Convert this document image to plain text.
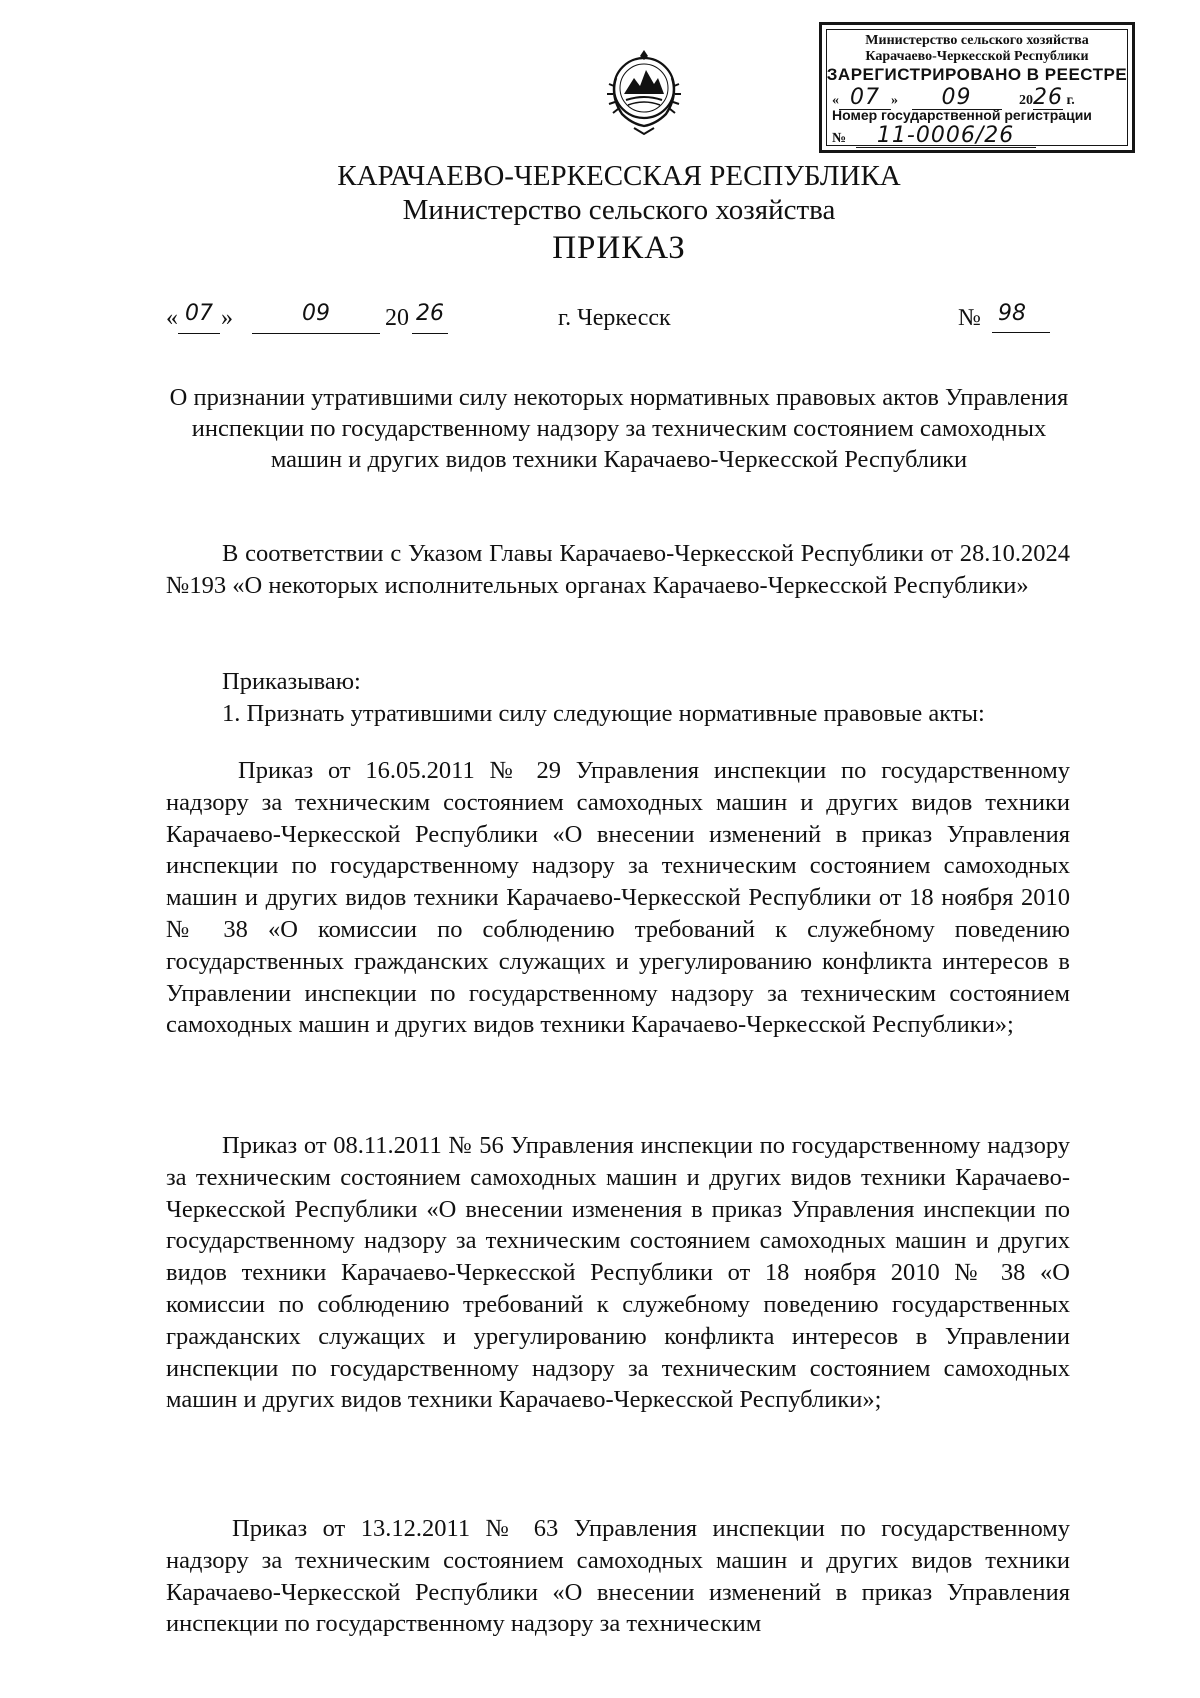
Министерство сельского хозяйства
Карачаево-Черкесской Республики
ЗАРЕГИСТРИРОВАНО В РЕЕСТРЕ
« 07 » 09	2026 г.
Номер государственной регистрации
№ 11-0006/26
КАРАЧАЕВО-ЧЕРКЕССКАЯ РЕСПУБЛИКА
Министерство сельского хозяйства
ПРИКАЗ
« 07 »	09	20 26	г. Черкесск	№ 98
О признании утратившими силу некоторых нормативных правовых актов Управления инспекции по государственному надзору за техническим состоянием самоходных машин и других видов техники Карачаево-Черкесской Республики
В соответствии с Указом Главы Карачаево-Черкесской Республики от 28.10.2024 №193 «О некоторых исполнительных органах Карачаево-Черкесской Республики»
Приказываю:
1. Признать утратившими силу следующие нормативные правовые акты:
Приказ от 16.05.2011 № 29 Управления инспекции по государственному надзору за техническим состоянием самоходных машин и других видов техники Карачаево-Черкесской Республики «О внесении изменений в приказ Управления инспекции по государственному надзору за техническим состоянием самоходных машин и других видов техники Карачаево-Черкесской Республики от 18 ноября 2010 № 38 «О комиссии по соблюдению требований к служебному поведению государственных гражданских служащих и урегулированию конфликта интересов в Управлении инспекции по государственному надзору за техническим состоянием самоходных машин и других видов техники Карачаево-Черкесской Республики»;
Приказ от 08.11.2011 № 56 Управления инспекции по государственному надзору за техническим состоянием самоходных машин и других видов техники Карачаево-Черкесской Республики «О внесении изменения в приказ Управления инспекции по государственному надзору за техническим состоянием самоходных машин и других видов техники Карачаево-Черкесской Республики от 18 ноября 2010 № 38 «О комиссии по соблюдению требований к служебному поведению государственных гражданских служащих и урегулированию конфликта интересов в Управлении инспекции по государственному надзору за техническим состоянием самоходных машин и других видов техники Карачаево-Черкесской Республики»;
Приказ от 13.12.2011 № 63 Управления инспекции по государственному надзору за техническим состоянием самоходных машин и других видов техники Карачаево-Черкесской Республики «О внесении изменений в приказ Управления инспекции по государственному надзору за техническим
